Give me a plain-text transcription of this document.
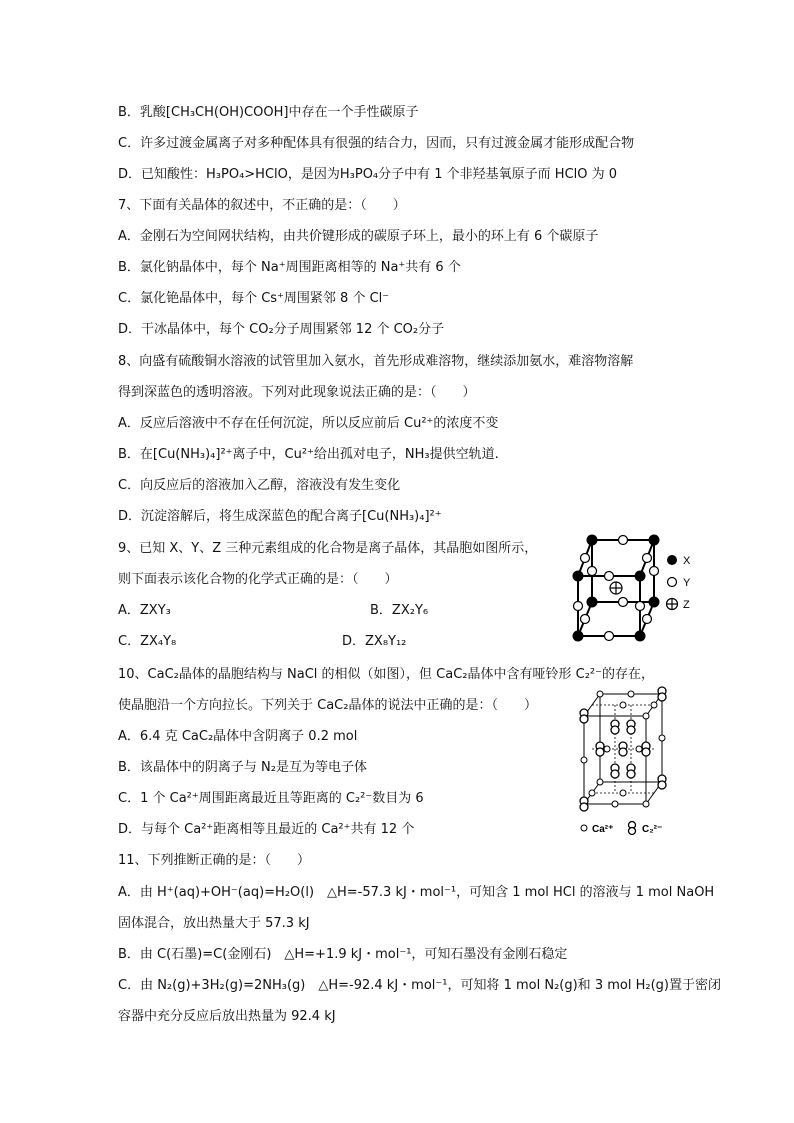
B．乳酸[CH₃CH(OH)COOH]中存在一个手性碳原子
C．许多过渡金属离子对多种配体具有很强的结合力，因而，只有过渡金属才能形成配合物
D．已知酸性：H₃PO₄>HClO，是因为H₃PO₄分子中有 1 个非羟基氧原子而 HClO 为 0
7、下面有关晶体的叙述中，不正确的是：（　　）
A．金刚石为空间网状结构，由共价键形成的碳原子环上，最小的环上有 6 个碳原子
B．氯化钠晶体中，每个 Na⁺周围距离相等的 Na⁺共有 6 个
C．氯化铯晶体中，每个 Cs⁺周围紧邻 8 个 Cl⁻
D．干冰晶体中，每个 CO₂分子周围紧邻 12 个 CO₂分子
8、向盛有硫酸铜水溶液的试管里加入氨水，首先形成难溶物，继续添加氨水，难溶物溶解
得到深蓝色的透明溶液。下列对此现象说法正确的是：（　　）
A．反应后溶液中不存在任何沉淀，所以反应前后 Cu²⁺的浓度不变
B．在[Cu(NH₃)₄]²⁺离子中，Cu²⁺给出孤对电子，NH₃提供空轨道.
C．向反应后的溶液加入乙醇，溶液没有发生变化
D．沉淀溶解后，将生成深蓝色的配合离子[Cu(NH₃)₄]²⁺
9、已知 X、Y、Z 三种元素组成的化合物是离子晶体，其晶胞如图所示，
则下面表示该化合物的化学式正确的是：（　　）
A．ZXY₃	B．ZX₂Y₆
C．ZX₄Y₈	D．ZX₈Y₁₂
10、CaC₂晶体的晶胞结构与 NaCl 的相似（如图），但 CaC₂晶体中含有哑铃形 C₂²⁻的存在，
使晶胞沿一个方向拉长。下列关于 CaC₂晶体的说法中正确的是：（　　）
A．6.4 克 CaC₂晶体中含阴离子 0.2 mol
B．该晶体中的阴离子与 N₂是互为等电子体
C．1 个 Ca²⁺周围距离最近且等距离的 C₂²⁻数目为 6
D．与每个 Ca²⁺距离相等且最近的 Ca²⁺共有 12 个
11、下列推断正确的是：（　　）
A．由 H⁺(aq)+OH⁻(aq)=H₂O(l)　△H=-57.3 kJ・mol⁻¹，可知含 1 mol HCl 的溶液与 1 mol NaOH
固体混合，放出热量大于 57.3 kJ
B．由 C(石墨)=C(金刚石)　△H=+1.9 kJ・mol⁻¹，可知石墨没有金刚石稳定
C．由 N₂(g)+3H₂(g)=2NH₃(g)　△H=-92.4 kJ・mol⁻¹，可知将 1 mol N₂(g)和 3 mol H₂(g)置于密闭
容器中充分反应后放出热量为 92.4 kJ
X
Y
Z
Ca²⁺	C₂²⁻
